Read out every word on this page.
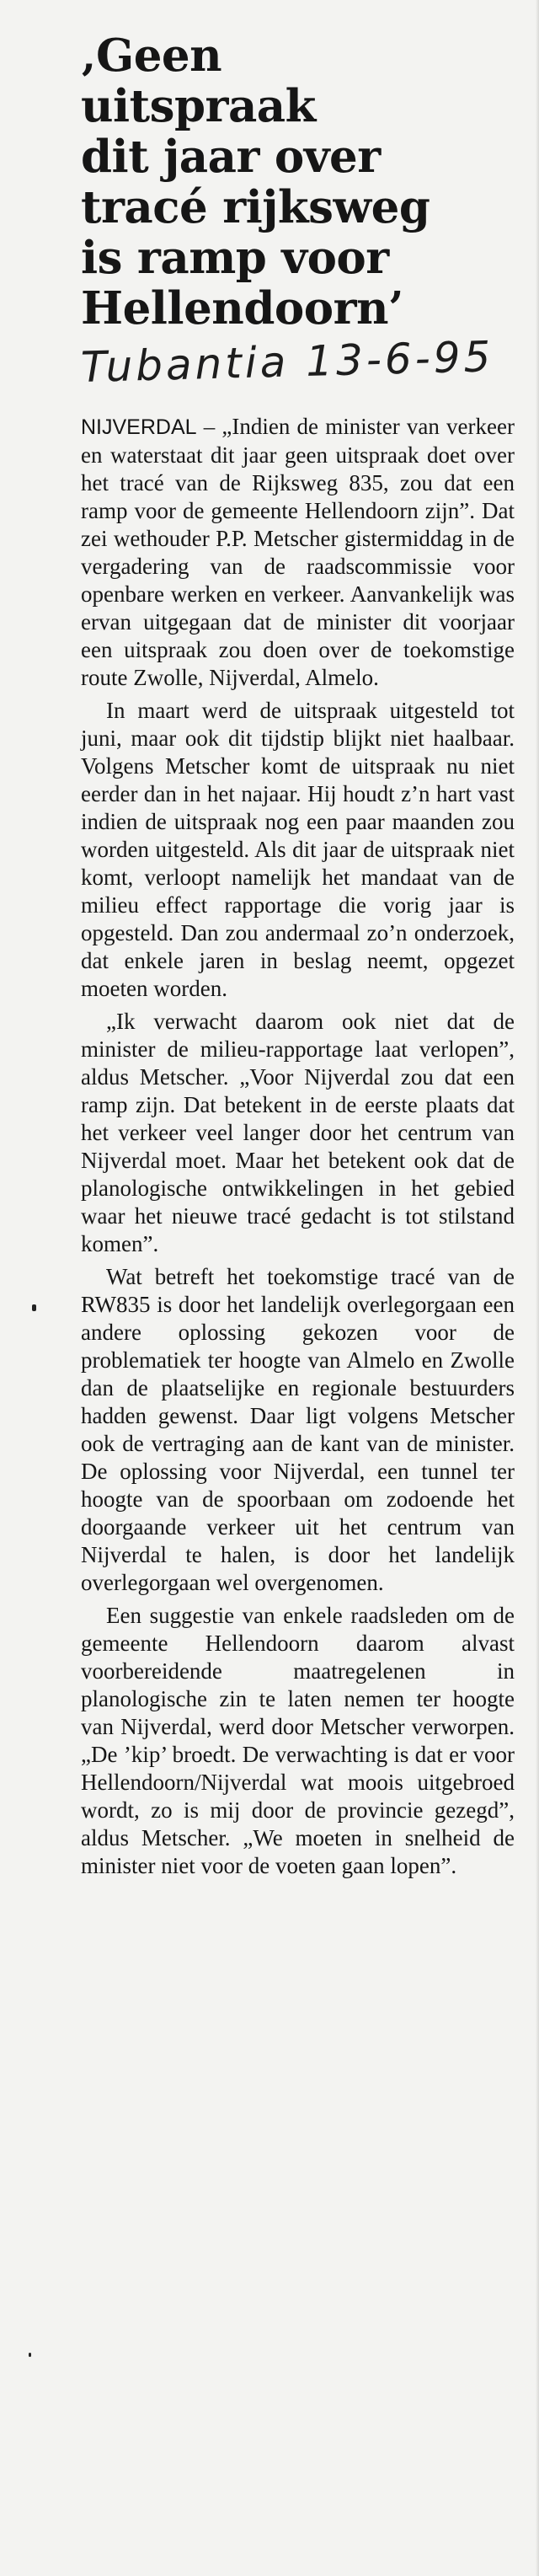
‚Geen uitspraak
dit jaar over
tracé rijksweg
is ramp voor
Hellendoorn’
Tubantia 13-6-95

NIJVERDAL – „Indien de minister van verkeer en waterstaat dit jaar geen uitspraak doet over het tracé van de Rijksweg 835, zou dat een ramp voor de gemeente Hellendoorn zijn”. Dat zei wethouder P.P. Metscher gistermiddag in de vergadering van de raadscommissie voor openbare werken en verkeer. Aanvankelijk was ervan uitgegaan dat de minister dit voorjaar een uitspraak zou doen over de toekomstige route Zwolle, Nijverdal, Almelo.

In maart werd de uitspraak uitgesteld tot juni, maar ook dit tijdstip blijkt niet haalbaar. Volgens Metscher komt de uitspraak nu niet eerder dan in het najaar. Hij houdt z’n hart vast indien de uitspraak nog een paar maanden zou worden uitgesteld. Als dit jaar de uitspraak niet komt, verloopt namelijk het mandaat van de milieu effect rapportage die vorig jaar is opgesteld. Dan zou andermaal zo’n onderzoek, dat enkele jaren in beslag neemt, opgezet moeten worden.

„Ik verwacht daarom ook niet dat de minister de milieu-rapportage laat verlopen”, aldus Metscher. „Voor Nijverdal zou dat een ramp zijn. Dat betekent in de eerste plaats dat het verkeer veel langer door het centrum van Nijverdal moet. Maar het betekent ook dat de planologische ontwikkelingen in het gebied waar het nieuwe tracé gedacht is tot stilstand komen”.

Wat betreft het toekomstige tracé van de RW835 is door het landelijk overlegorgaan een andere oplossing gekozen voor de problematiek ter hoogte van Almelo en Zwolle dan de plaatselijke en regionale bestuurders hadden gewenst. Daar ligt volgens Metscher ook de vertraging aan de kant van de minister. De oplossing voor Nijverdal, een tunnel ter hoogte van de spoorbaan om zodoende het doorgaande verkeer uit het centrum van Nijverdal te halen, is door het landelijk overlegorgaan wel overgenomen.

Een suggestie van enkele raadsleden om de gemeente Hellendoorn daarom alvast voorbereidende maatregelenen in planologische zin te laten nemen ter hoogte van Nijverdal, werd door Metscher verworpen. „De ’kip’ broedt. De verwachting is dat er voor Hellendoorn/Nijverdal wat moois uitgebroed wordt, zo is mij door de provincie gezegd”, aldus Metscher. „We moeten in snelheid de minister niet voor de voeten gaan lopen”.
